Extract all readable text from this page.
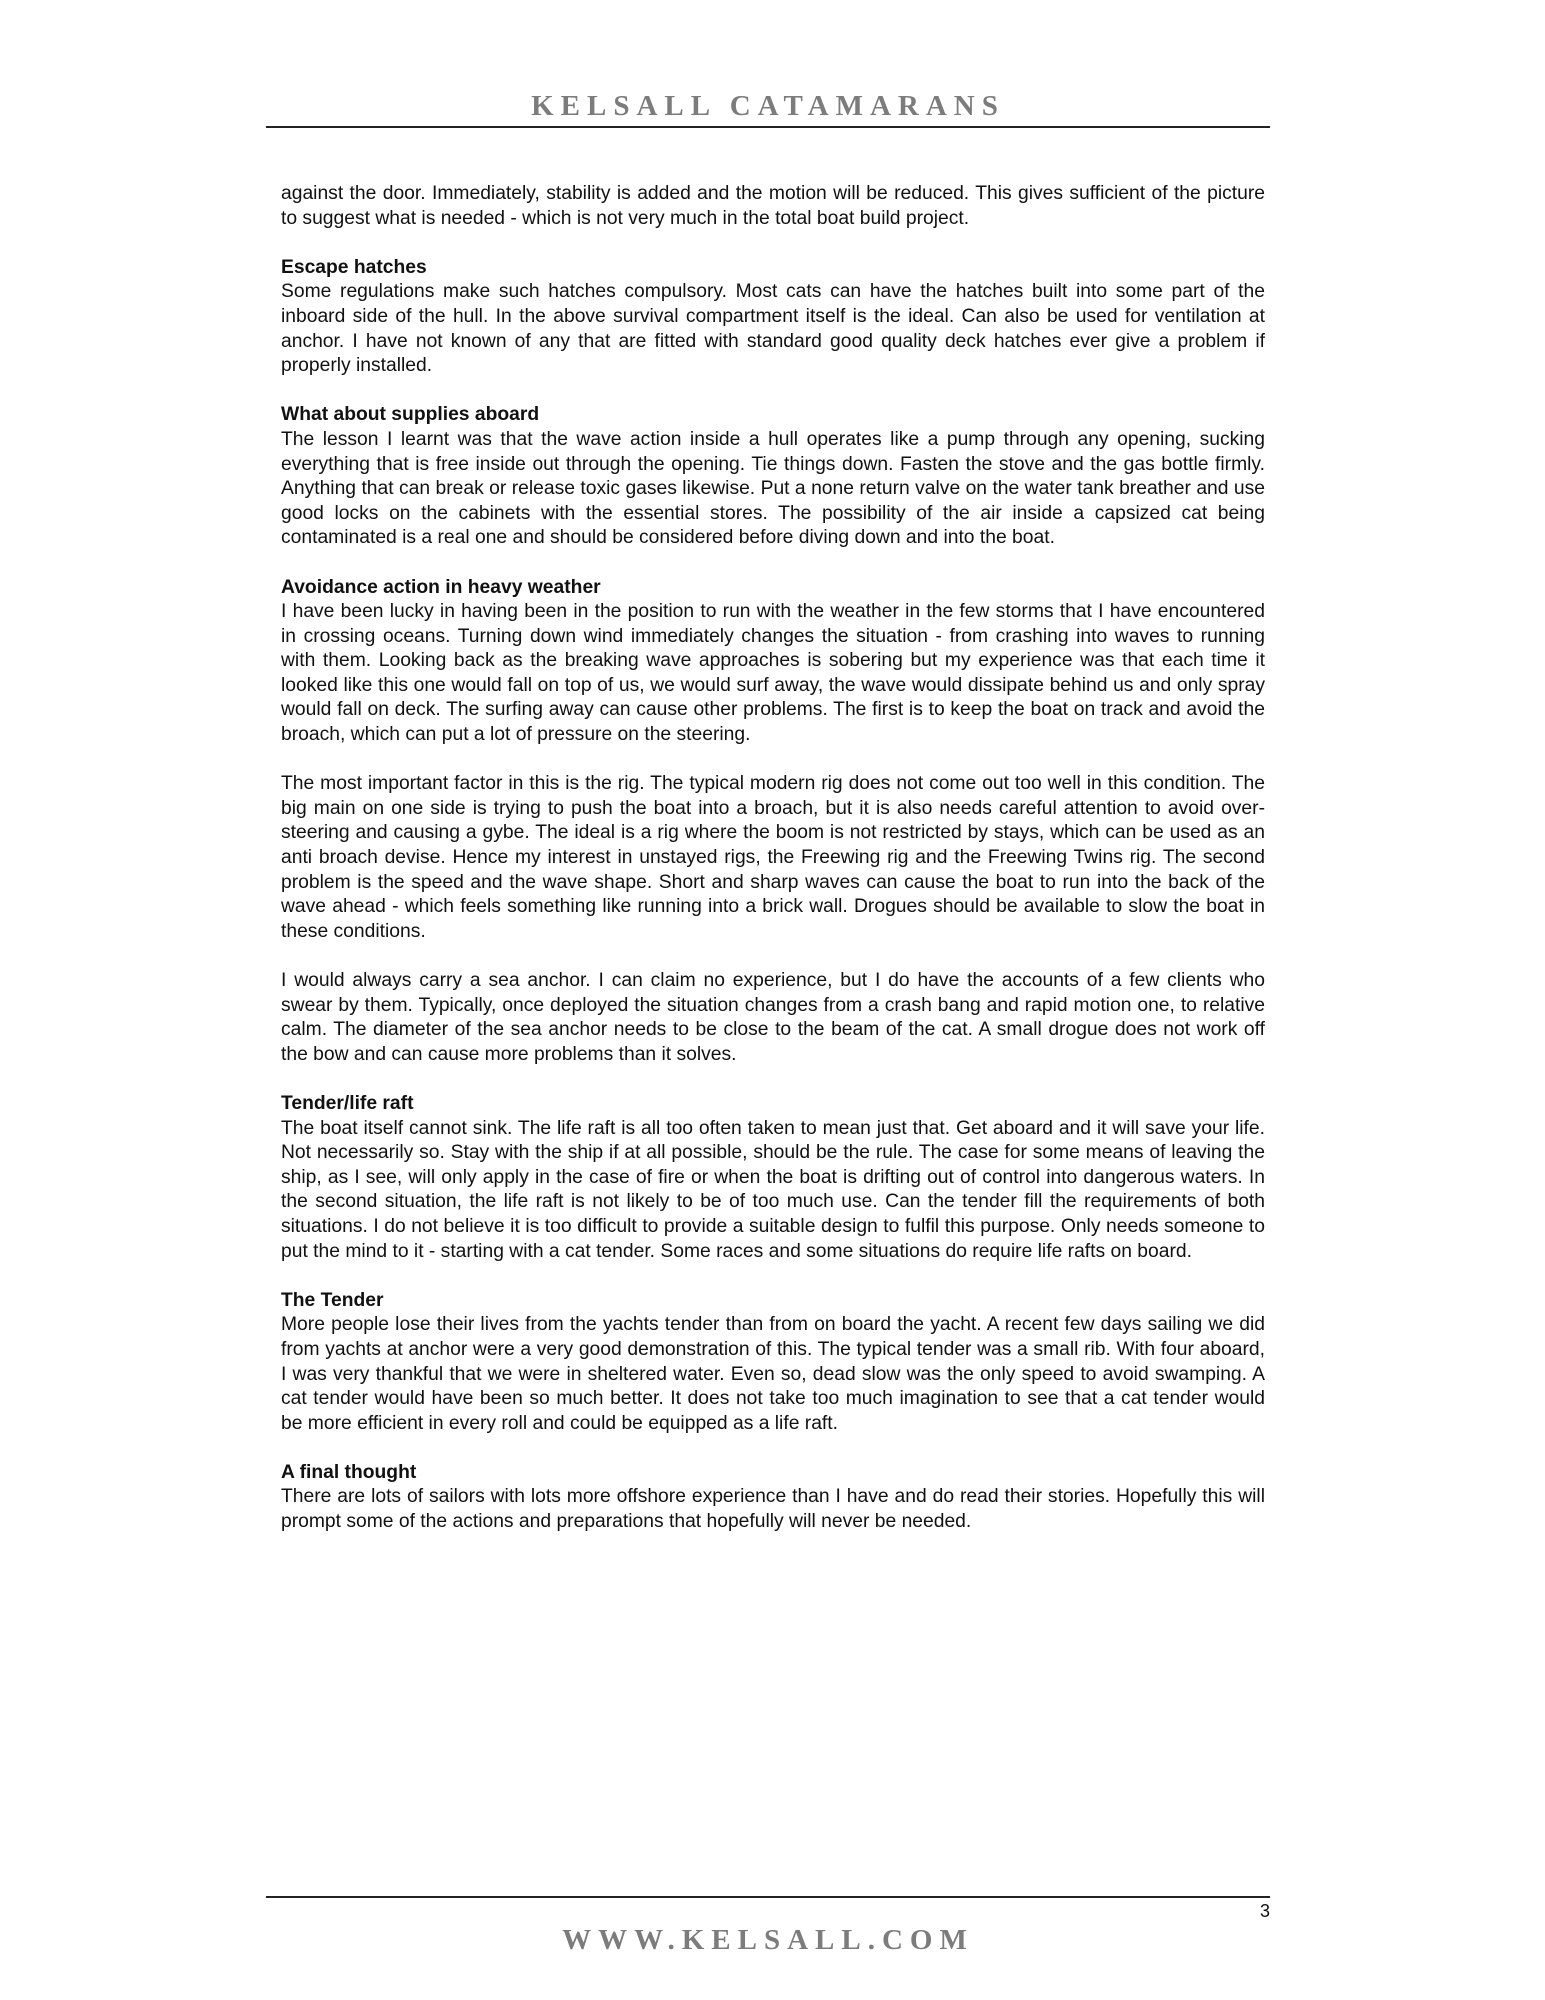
KELSALL CATAMARANS

against the door. Immediately, stability is added and the motion will be reduced. This gives sufficient of the picture to suggest what is needed - which is not very much in the total boat build project.

Escape hatches

Some regulations make such hatches compulsory. Most cats can have the hatches built into some part of the inboard side of the hull. In the above survival compartment itself is the ideal. Can also be used for ventilation at anchor. I have not known of any that are fitted with standard good quality deck hatches ever give a problem if properly installed.

What about supplies aboard

The lesson I learnt was that the wave action inside a hull operates like a pump through any opening, sucking everything that is free inside out through the opening. Tie things down. Fasten the stove and the gas bottle firmly. Anything that can break or release toxic gases likewise. Put a none return valve on the water tank breather and use good locks on the cabinets with the essential stores. The possibility of the air inside a capsized cat being contaminated is a real one and should be considered before diving down and into the boat.

Avoidance action in heavy weather

I have been lucky in having been in the position to run with the weather in the few storms that I have encountered in crossing oceans. Turning down wind immediately changes the situation - from crashing into waves to running with them. Looking back as the breaking wave approaches is sobering but my experience was that each time it looked like this one would fall on top of us, we would surf away, the wave would dissipate behind us and only spray would fall on deck. The surfing away can cause other problems. The first is to keep the boat on track and avoid the broach, which can put a lot of pressure on the steering.

The most important factor in this is the rig. The typical modern rig does not come out too well in this condition. The big main on one side is trying to push the boat into a broach, but it is also needs careful attention to avoid over-steering and causing a gybe. The ideal is a rig where the boom is not restricted by stays, which can be used as an anti broach devise. Hence my interest in unstayed rigs, the Freewing rig and the Freewing Twins rig. The second problem is the speed and the wave shape. Short and sharp waves can cause the boat to run into the back of the wave ahead - which feels something like running into a brick wall. Drogues should be available to slow the boat in these conditions.

I would always carry a sea anchor. I can claim no experience, but I do have the accounts of a few clients who swear by them. Typically, once deployed the situation changes from a crash bang and rapid motion one, to relative calm. The diameter of the sea anchor needs to be close to the beam of the cat. A small drogue does not work off the bow and can cause more problems than it solves.

Tender/life raft

The boat itself cannot sink. The life raft is all too often taken to mean just that. Get aboard and it will save your life. Not necessarily so. Stay with the ship if at all possible, should be the rule. The case for some means of leaving the ship, as I see, will only apply in the case of fire or when the boat is drifting out of control into dangerous waters. In the second situation, the life raft is not likely to be of too much use. Can the tender fill the requirements of both situations. I do not believe it is too difficult to provide a suitable design to fulfil this purpose. Only needs someone to put the mind to it - starting with a cat tender. Some races and some situations do require life rafts on board.

The Tender

More people lose their lives from the yachts tender than from on board the yacht. A recent few days sailing we did from yachts at anchor were a very good demonstration of this. The typical tender was a small rib. With four aboard, I was very thankful that we were in sheltered water. Even so, dead slow was the only speed to avoid swamping. A cat tender would have been so much better. It does not take too much imagination to see that a cat tender would be more efficient in every roll and could be equipped as a life raft.

A final thought

There are lots of sailors with lots more offshore experience than I have and do read their stories. Hopefully this will prompt some of the actions and preparations that hopefully will never be needed.

3
WWW.KELSALL.COM
